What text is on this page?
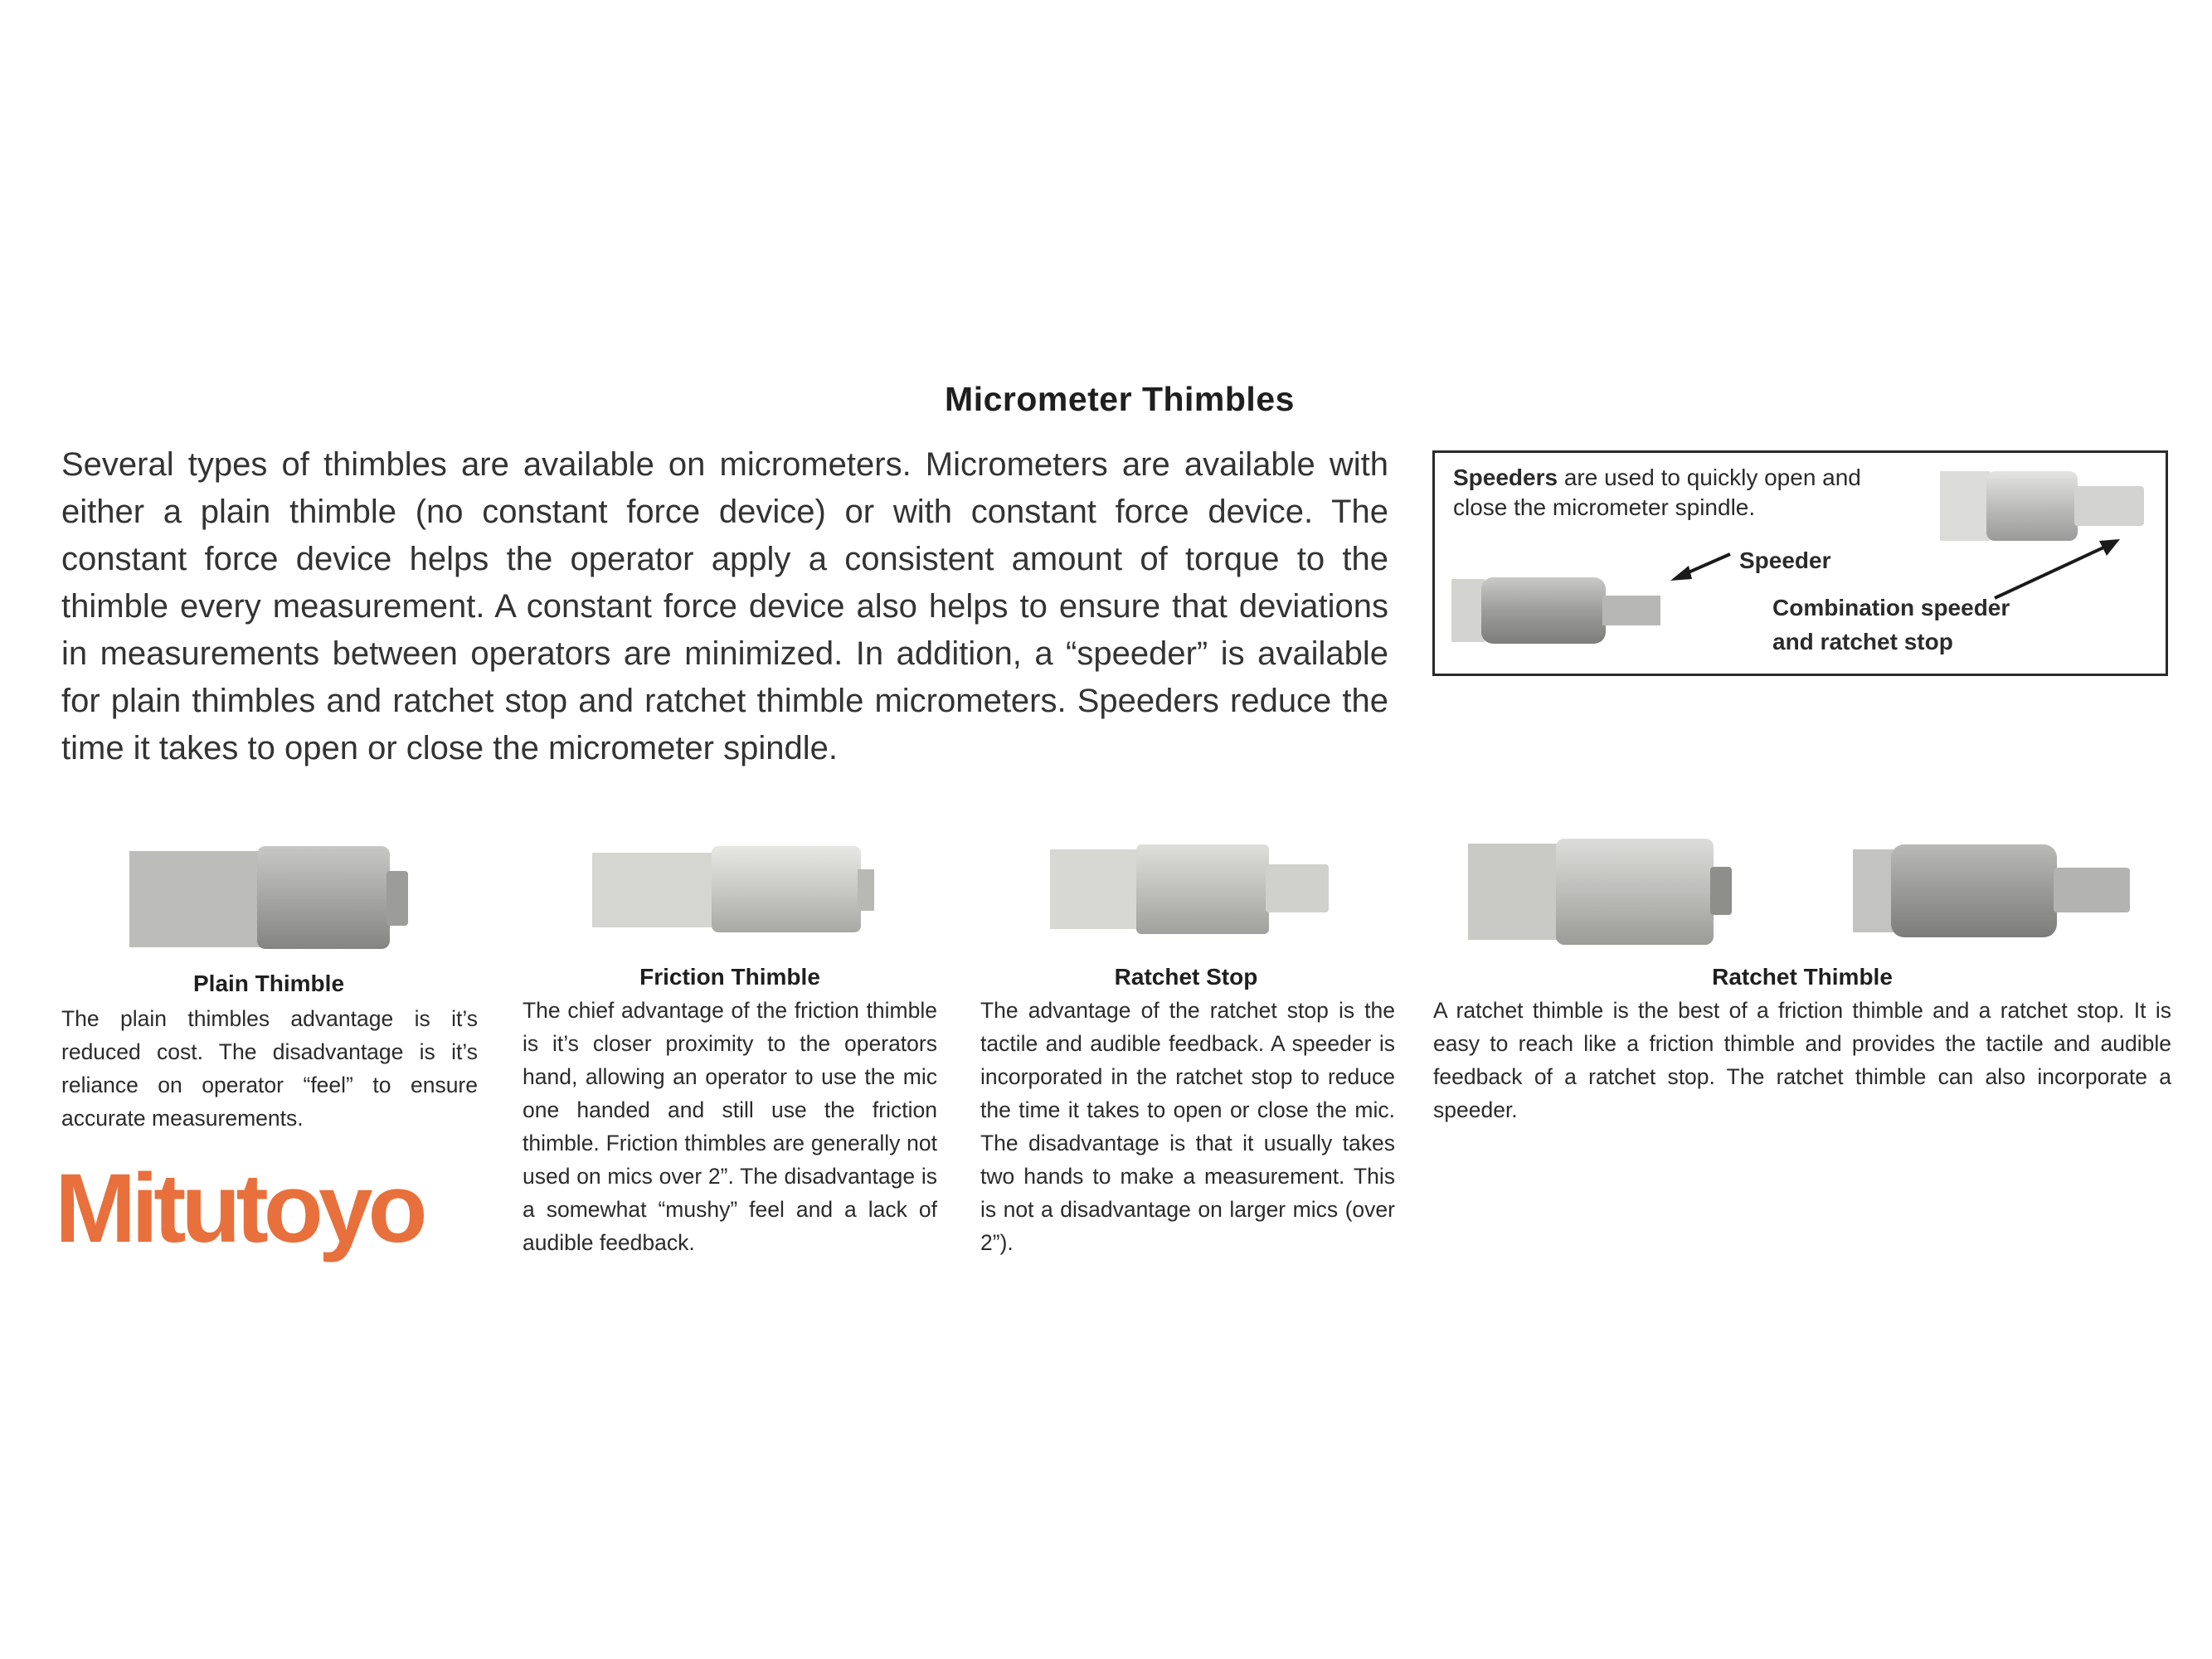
Micrometer Thimbles
Several types of thimbles are available on micrometers. Micrometers are available with either a plain thimble (no constant force device) or with constant force device. The constant force device helps the operator apply a consistent amount of torque to the thimble every measurement. A constant force device also helps to ensure that deviations in measurements between operators are minimized. In addition, a “speeder” is available for plain thimbles and ratchet stop and ratchet thimble micrometers. Speeders reduce the time it takes to open or close the micrometer spindle.
Speeders are used to quickly open and close the micrometer spindle.
Speeder
Combination speeder
and ratchet stop
Plain Thimble	Friction Thimble	Ratchet Stop	Ratchet Thimble
The plain thimbles advantage is it’s reduced cost. The disadvantage is it’s reliance on operator “feel” to ensure accurate measurements.
The chief advantage of the friction thimble is it’s closer proximity to the operators hand, allowing an operator to use the mic one handed and still use the friction thimble. Friction thimbles are generally not used on mics over 2”. The disadvantage is a somewhat “mushy” feel and a lack of audible feedback.
The advantage of the ratchet stop is the tactile and audible feedback. A speeder is incorporated in the ratchet stop to reduce the time it takes to open or close the mic. The disadvantage is that it usually takes two hands to make a measurement. This is not a disadvantage on larger mics (over 2”).
A ratchet thimble is the best of a friction thimble and a ratchet stop. It is easy to reach like a friction thimble and provides the tactile and audible feedback of a ratchet stop. The ratchet thimble can also incorporate a speeder.
Mitutoyo
